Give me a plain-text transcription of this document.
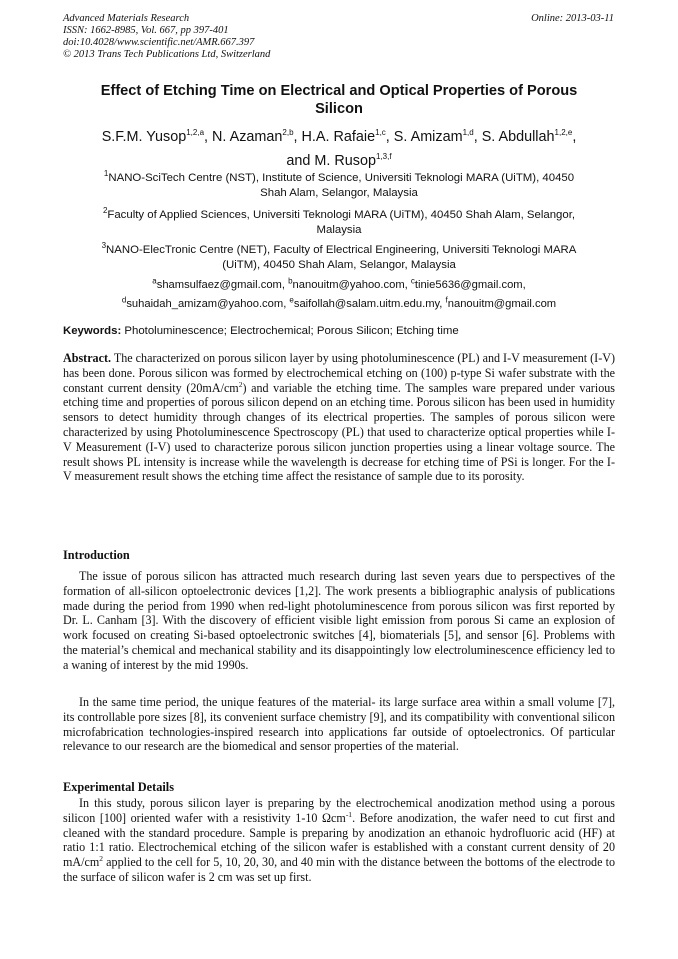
Advanced Materials Research
ISSN: 1662-8985, Vol. 667, pp 397-401
doi:10.4028/www.scientific.net/AMR.667.397
© 2013 Trans Tech Publications Ltd, Switzerland
Online: 2013-03-11
Effect of Etching Time on Electrical and Optical Properties of Porous
Silicon
S.F.M. Yusop$^{1,2,a}$, N. Azaman$^{2,b}$, H.A. Rafaie$^{1,c}$, S. Amizam$^{1,d}$, S. Abdullah$^{1,2,e}$,
and M. Rusop$^{1,3,f}$
$^1$NANO-SciTech Centre (NST), Institute of Science, Universiti Teknologi MARA (UiTM), 40450
Shah Alam, Selangor, Malaysia
$^2$Faculty of Applied Sciences, Universiti Teknologi MARA (UiTM), 40450 Shah Alam, Selangor,
Malaysia
$^3$NANO-ElecTronic Centre (NET), Faculty of Electrical Engineering, Universiti Teknologi MARA
(UiTM), 40450 Shah Alam, Selangor, Malaysia
$^a$shamsulfaez@gmail.com, $^b$nanouitm@yahoo.com, $^c$tinie5636@gmail.com,
$^d$suhaidah_amizam@yahoo.com, $^e$saifollah@salam.uitm.edu.my, $^f$nanouitm@gmail.com
Keywords: Photoluminescence; Electrochemical; Porous Silicon; Etching time
Abstract. The characterized on porous silicon layer by using photoluminescence (PL) and I-V measurement (I-V) has been done. Porous silicon was formed by electrochemical etching on (100) p-type Si wafer substrate with the constant current density $(20mA/cm^2)$ and variable the etching time. The samples ware prepared under various etching time and properties of porous silicon depend on an etching time. Porous silicon has been used in humidity sensors to detect humidity through changes of its electrical properties. The samples of porous silicon were characterized by using Photoluminescence Spectroscopy (PL) that used to characterize optical properties while I-V Measurement (I-V) used to characterize porous silicon junction properties using a linear voltage source. The result shows PL intensity is increase while the wavelength is decrease for etching time of PSi is longer. For the I-V measurement result shows the etching time affect the resistance of sample due to its porosity.
Introduction
The issue of porous silicon has attracted much research during last seven years due to perspectives of the formation of all-silicon optoelectronic devices [1,2]. The work presents a bibliographic analysis of publications made during the period from 1990 when red-light photoluminescence from porous silicon was first reported by Dr. L. Canham [3]. With the discovery of efficient visible light emission from porous Si came an explosion of work focused on creating Si-based optoelectronic switches [4], biomaterials [5], and sensor [6]. Problems with the material’s chemical and mechanical stability and its disappointingly low electroluminescence efficiency led to a waning of interest by the mid 1990s.
In the same time period, the unique features of the material- its large surface area within a small volume [7], its controllable pore sizes [8], its convenient surface chemistry [9], and its compatibility with conventional silicon microfabrication technologies-inspired research into applications far outside of optoelectronics. Of particular relevance to our research are the biomedical and sensor properties of the material.
Experimental Details
In this study, porous silicon layer is preparing by the electrochemical anodization method using a porous silicon [100] oriented wafer with a resistivity 1-10 Ωcm$^{-1}$. Before anodization, the wafer need to cut first and cleaned with the standard procedure. Sample is preparing by anodization an ethanoic hydrofluoric acid (HF) at ratio 1:1 ratio. Electrochemical etching of the silicon wafer is established with a constant current density of 20 $mA/cm^2$ applied to the cell for 5, 10, 20, 30, and 40 min with the distance between the bottoms of the electrode to the surface of silicon wafer is 2 cm was set up first.
